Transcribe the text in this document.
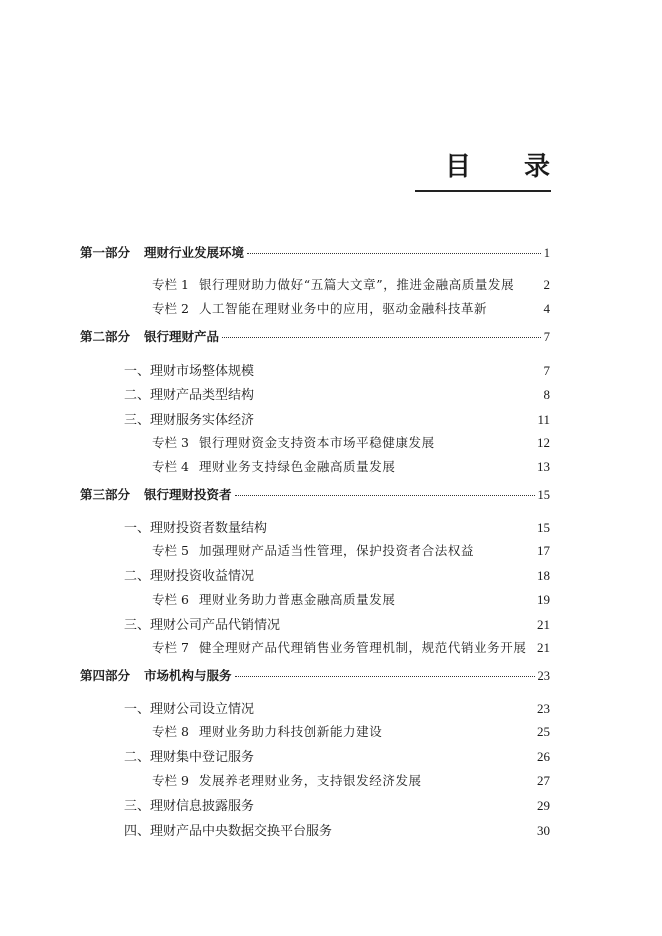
目 录
第一部分 理财行业发展环境	1
专栏 1 银行理财助力做好“五篇大文章”，推进金融高质量发展	2
专栏 2 人工智能在理财业务中的应用，驱动金融科技革新	4
第二部分 银行理财产品	7
一、理财市场整体规模	7
二、理财产品类型结构	8
三、理财服务实体经济	11
专栏 3 银行理财资金支持资本市场平稳健康发展	12
专栏 4 理财业务支持绿色金融高质量发展	13
第三部分 银行理财投资者	15
一、理财投资者数量结构	15
专栏 5 加强理财产品适当性管理，保护投资者合法权益	17
二、理财投资收益情况	18
专栏 6 理财业务助力普惠金融高质量发展	19
三、理财公司产品代销情况	21
专栏 7 健全理财产品代理销售业务管理机制，规范代销业务开展 21
第四部分 市场机构与服务	23
一、理财公司设立情况	23
专栏 8 理财业务助力科技创新能力建设	25
二、理财集中登记服务	26
专栏 9 发展养老理财业务，支持银发经济发展	27
三、理财信息披露服务	29
四、理财产品中央数据交换平台服务	30
